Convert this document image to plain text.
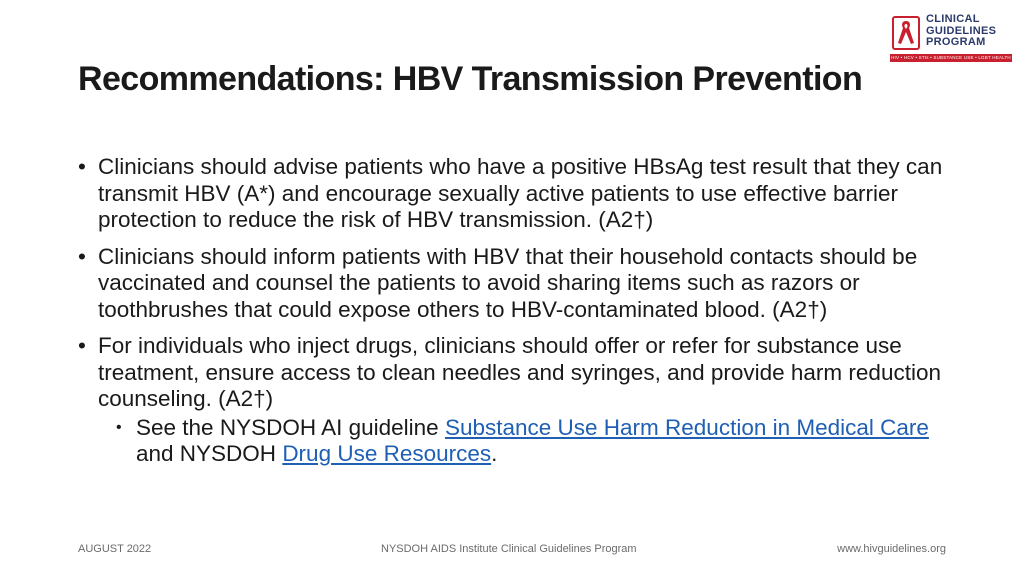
CLINICAL
GUIDELINES
PROGRAM
HIV • HCV • STIs • SUBSTANCE USE • LGBT HEALTH
Recommendations: HBV Transmission Prevention
• Clinicians should advise patients who have a positive HBsAg test result that they can transmit HBV (A*) and encourage sexually active patients to use effective barrier protection to reduce the risk of HBV transmission. (A2†)
• Clinicians should inform patients with HBV that their household contacts should be vaccinated and counsel the patients to avoid sharing items such as razors or toothbrushes that could expose others to HBV-contaminated blood. (A2†)
• For individuals who inject drugs, clinicians should offer or refer for substance use treatment, ensure access to clean needles and syringes, and provide harm reduction counseling. (A2†)
• See the NYSDOH AI guideline Substance Use Harm Reduction in Medical Care and NYSDOH Drug Use Resources.
AUGUST 2022	NYSDOH AIDS Institute Clinical Guidelines Program	www.hivguidelines.org
